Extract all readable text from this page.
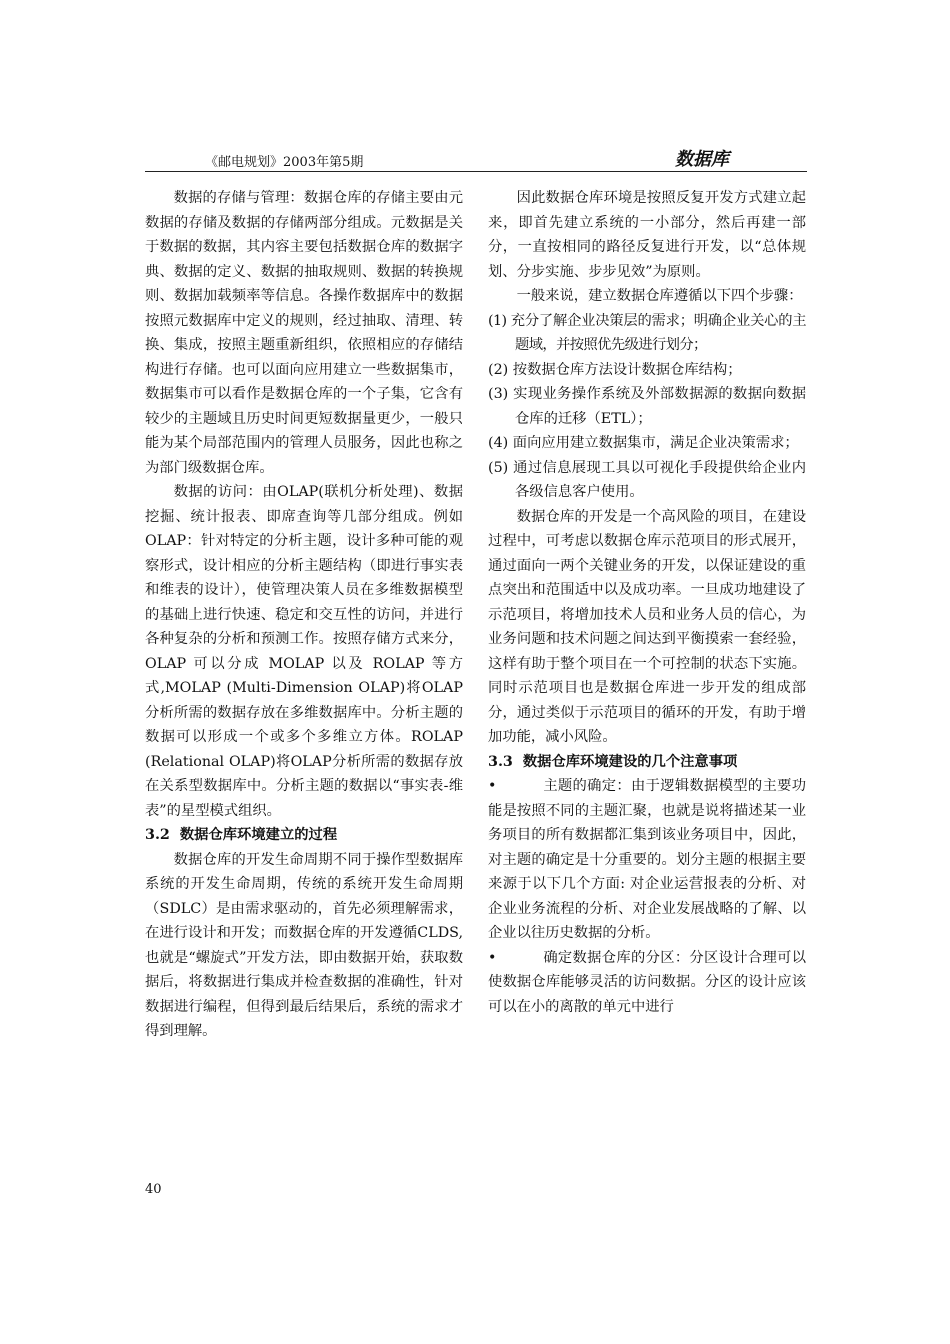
《邮电规划》2003年第5期	数据库

数据的存储与管理：数据仓库的存储主要由元数据的存储及数据的存储两部分组成。元数据是关于数据的数据，其内容主要包括数据仓库的数据字典、数据的定义、数据的抽取规则、数据的转换规则、数据加载频率等信息。各操作数据库中的数据按照元数据库中定义的规则，经过抽取、清理、转换、集成，按照主题重新组织，依照相应的存储结构进行存储。也可以面向应用建立一些数据集市，数据集市可以看作是数据仓库的一个子集，它含有较少的主题域且历史时间更短数据量更少，一般只能为某个局部范围内的管理人员服务，因此也称之为部门级数据仓库。

数据的访问：由OLAP(联机分析处理)、数据挖掘、统计报表、即席查询等几部分组成。例如OLAP：针对特定的分析主题，设计多种可能的观察形式，设计相应的分析主题结构（即进行事实表和维表的设计），使管理决策人员在多维数据模型的基础上进行快速、稳定和交互性的访问，并进行各种复杂的分析和预测工作。按照存储方式来分，OLAP 可以分成 MOLAP 以及 ROLAP 等方式,MOLAP (Multi-Dimension OLAP)将OLAP分析所需的数据存放在多维数据库中。分析主题的数据可以形成一个或多个多维立方体。ROLAP (Relational OLAP)将OLAP分析所需的数据存放在关系型数据库中。分析主题的数据以“事实表-维表”的星型模式组织。

3.2 数据仓库环境建立的过程

数据仓库的开发生命周期不同于操作型数据库系统的开发生命周期，传统的系统开发生命周期（SDLC）是由需求驱动的，首先必须理解需求，在进行设计和开发；而数据仓库的开发遵循CLDS,也就是“螺旋式”开发方法，即由数据开始，获取数据后，将数据进行集成并检查数据的准确性，针对数据进行编程，但得到最后结果后，系统的需求才得到理解。

因此数据仓库环境是按照反复开发方式建立起来，即首先建立系统的一小部分，然后再建一部分，一直按相同的路径反复进行开发，以“总体规划、分步实施、步步见效”为原则。

一般来说，建立数据仓库遵循以下四个步骤：

(1) 充分了解企业决策层的需求；明确企业关心的主题域，并按照优先级进行划分；
(2) 按数据仓库方法设计数据仓库结构；
(3) 实现业务操作系统及外部数据源的数据向数据仓库的迁移（ETL）；
(4) 面向应用建立数据集市，满足企业决策需求；
(5) 通过信息展现工具以可视化手段提供给企业内各级信息客户使用。

数据仓库的开发是一个高风险的项目，在建设过程中，可考虑以数据仓库示范项目的形式展开，通过面向一两个关键业务的开发，以保证建设的重点突出和范围适中以及成功率。一旦成功地建设了示范项目，将增加技术人员和业务人员的信心，为业务问题和技术问题之间达到平衡摸索一套经验，这样有助于整个项目在一个可控制的状态下实施。同时示范项目也是数据仓库进一步开发的组成部分，通过类似于示范项目的循环的开发，有助于增加功能，减小风险。

3.3 数据仓库环境建设的几个注意事项
•	主题的确定：由于逻辑数据模型的主要功能是按照不同的主题汇聚，也就是说将描述某一业务项目的所有数据都汇集到该业务项目中，因此，对主题的确定是十分重要的。划分主题的根据主要来源于以下几个方面: 对企业运营报表的分析、对企业业务流程的分析、对企业发展战略的了解、以企业以往历史数据的分析。
•	确定数据仓库的分区：分区设计合理可以使数据仓库能够灵活的访问数据。分区的设计应该可以在小的离散的单元中进行
40
